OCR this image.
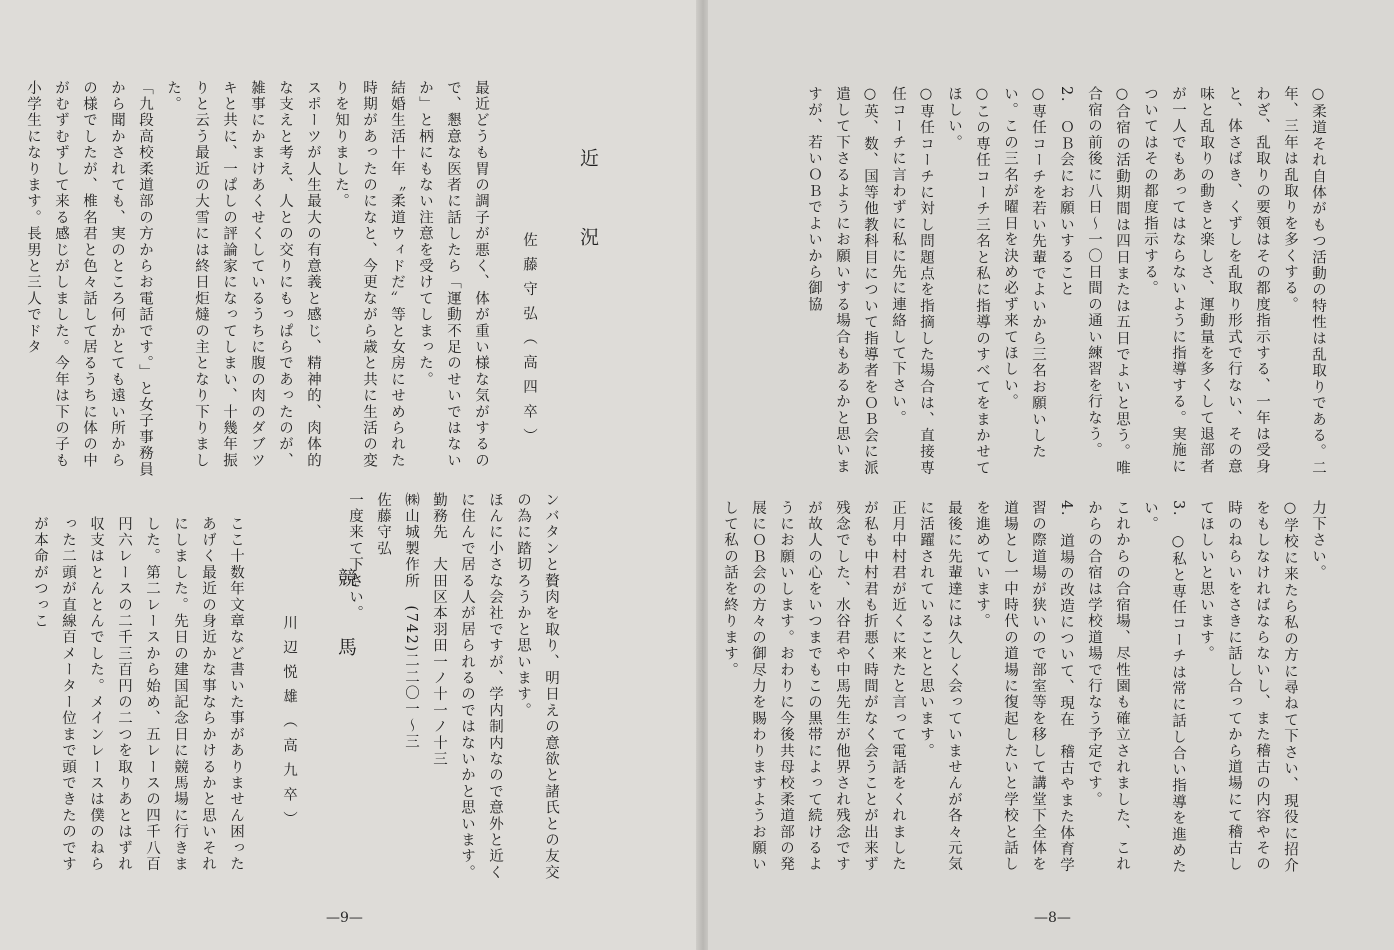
近況
佐藤守弘（高四卒）

最近どうも胃の調子が悪く、体が重い様な気がするので、懇意な医者に話したら「運動不足のせいではないか」と柄にもない注意を受けてしまった。

結婚生活十年〝柔道ウィドだ〟等と女房にせめられた時期があったのになと、今更ながら歳と共に生活の変りを知りました。

スポーツが人生最大の有意義と感じ、精神的、肉体的な支えと考え、人との交りにもっぱらであったのが、雑事にかまけあくせくしているうちに腹の肉のダブツキと共に、一ぱしの評論家になってしまい、十幾年振りと云う最近の大雪には終日炬燵の主となり下りました。

「九段高校柔道部の方からお電話です。」と女子事務員から聞かされても、実のところ何かとても遠い所からの様でしたが、椎名君と色々話して居るうちに体の中がむずむずして来る感じがしました。今年は下の子も小学生になります。長男と三人でドタ

ンバタンと贅肉を取り、明日えの意欲と諸氏との友交の為に踏切ろうかと思います。

ほんに小さな会社ですが、学内制内なので意外と近くに住んで居る人が居られるのではないかと思います。

勤務先　大田区本羽田一ノ十一ノ十三

㈱山城製作所　(742)二二〇一〜三

佐藤守弘

一度来て下さい。

競馬
川辺悦雄（高九卒）

ここ十数年文章など書いた事がありません困ったあげく最近の身近かな事ならかけるかと思いそれにしました。先日の建国記念日に競馬場に行きました。第二レースから始め、五レースの四千八百円六レースの二千三百円の二つを取りあとはずれ収支はとんとんでした。メインレースは僕のねらった二頭が直線百メーター位まで頭できたのですが本命がつっこ

—9—

○柔道それ自体がもつ活動の特性は乱取りである。二年、三年は乱取りを多くする。

わざ、乱取りの要領はその都度指示する、一年は受身と、体さばき、くずしを乱取り形式で行ない、その意味と乱取りの動きと楽しさ、運動量を多くして退部者が一人でもあってはならないように指導する。実施についてはその都度指示する。

○合宿の活動期間は四日または五日でよいと思う。唯合宿の前後に八日〜一〇日間の通い練習を行なう。

2.　ＯＢ会にお願いすること

○専任コーチを若い先輩でよいから三名お願いしたい。この三名が曜日を決め必ず来てほしい。

○この専任コーチ三名と私に指導のすべてをまかせてほしい。

○専任コーチに対し問題点を指摘した場合は、直接専任コーチに言わずに私に先に連絡して下さい。

○英、数、国等他教科目について指導者をＯＢ会に派遣して下さるようにお願いする場合もあるかと思いますが、若いＯＢでよいから御協

力下さい。

○学校に来たら私の方に尋ねて下さい、現役に招介をもしなければならないし、また稽古の内容やその時のねらいをさきに話し合ってから道場にて稽古してほしいと思います。

3.　○私と専任コーチは常に話し合い指導を進めたい。

これからの合宿場、尽性園も確立されました、これからの合宿は学校道場で行なう予定です。

4.　道場の改造について、現在　稽古やまた体育学習の際道場が狭いので部室等を移して講堂下全体を道場とし一中時代の道場に復起したいと学校と話しを進めています。

最後に先輩達には久しく会っていませんが各々元気に活躍されていることと思います。

正月中村君が近くに来たと言って電話をくれましたが私も中村君も折悪く時間がなく会うことが出来ず残念でした、水谷君や中馬先生が他界され残念ですが故人の心をいつまでもこの黒帯によって続けるようにお願いします。おわりに今後共母校柔道部の発展にＯＢ会の方々の御尽力を賜わりますようお願いして私の話を終ります。

—8—
